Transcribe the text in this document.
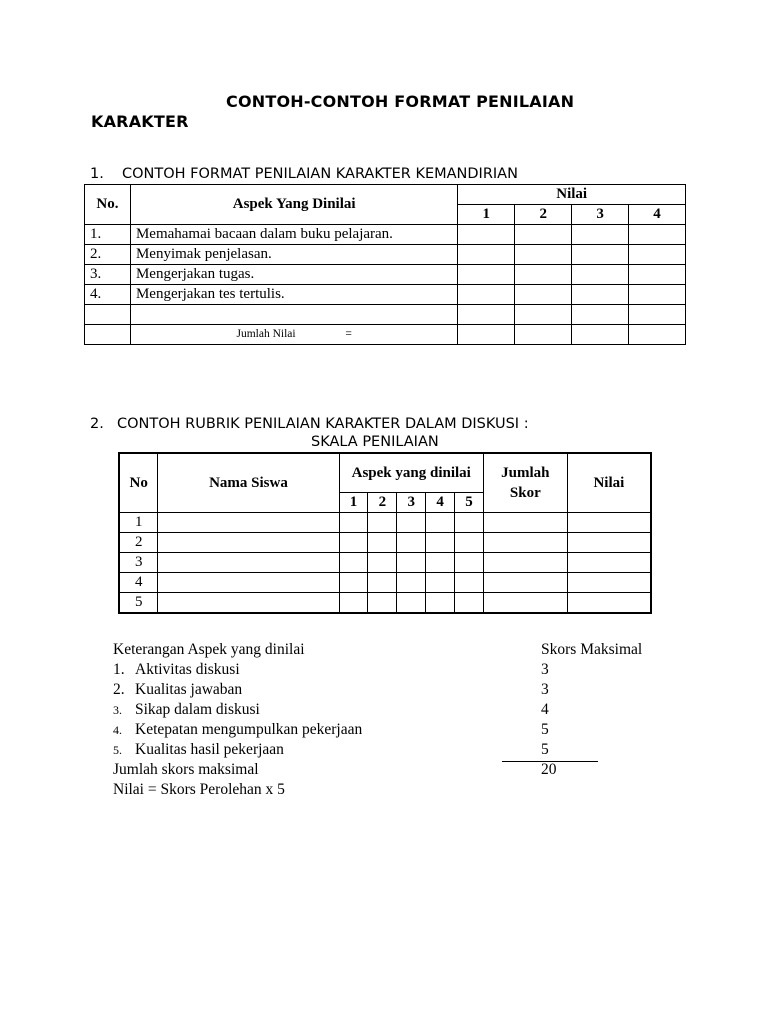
CONTOH-CONTOH FORMAT PENILAIAN
KARAKTER
1. CONTOH FORMAT PENILAIAN KARAKTER KEMANDIRIAN
No.	Aspek Yang Dinilai	Nilai			
		1	2	3	4
1.	Memahamai bacaan dalam buku pelajaran.				
2.	Menyimak penjelasan.				
3.	Mengerjakan tugas.				
4.	Mengerjakan tes tertulis.				

	Jumlah Nilai =				
2. CONTOH RUBRIK PENILAIAN KARAKTER DALAM DISKUSI :
SKALA PENILAIAN
No	Nama Siswa	Aspek yang dinilai					Jumlah Skor	Nilai
		1	2	3	4	5		
1								
2								
3								
4								
5								
Keterangan Aspek yang dinilai	Skors Maksimal
1. Aktivitas diskusi	3
2. Kualitas jawaban	3
3. Sikap dalam diskusi	4
4. Ketepatan mengumpulkan pekerjaan	5
5. Kualitas hasil pekerjaan	5
Jumlah skors maksimal	20
Nilai = Skors Perolehan x 5
